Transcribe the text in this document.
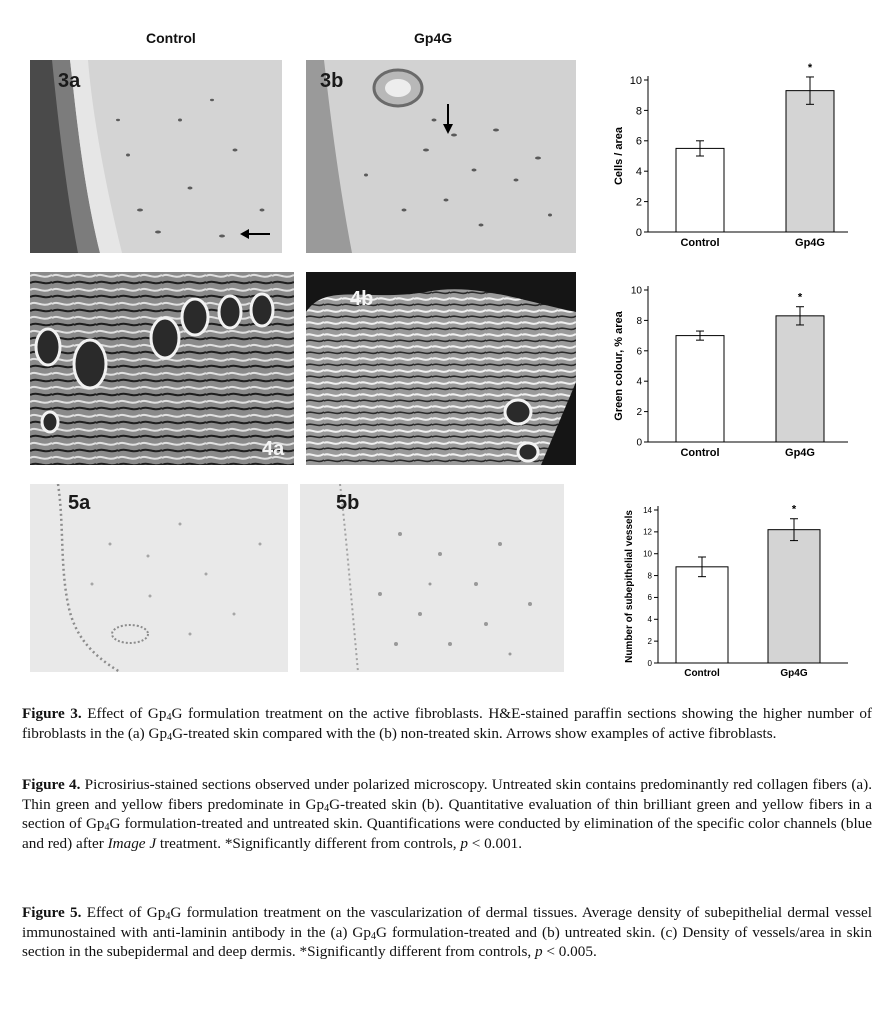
Control	Gp4G
3a	3b
4a
4b
5a	5b
0
2
4
6
8
10
Control	Gp4G
*
Cells / area
0
2
4
6
8
10
Control	Gp4G
*
Green colour, % area
0
2
4
6
8
10
12
14
Control	Gp4G
*
Number of subepithelial vessels
Figure 3. Effect of $Gp_4G$ formulation treatment on the active fibroblasts. H&E-stained paraffin sections showing the higher number of fibroblasts in the (a) $Gp_4G$-treated skin compared with the (b) non-treated skin. Arrows show examples of active fibroblasts.
Figure 4. Picrosirius-stained sections observed under polarized microscopy. Untreated skin contains predominantly red collagen fibers (a). Thin green and yellow fibers predominate in $Gp_4G$-treated skin (b). Quantitative evaluation of thin brilliant green and yellow fibers in a section of $Gp_4G$ formulation-treated and untreated skin. Quantifications were conducted by elimination of the specific color channels (blue and red) after Image J treatment. *Significantly different from controls, p < 0.001.
Figure 5. Effect of $Gp_4G$ formulation treatment on the vascularization of dermal tissues. Average density of subepithelial dermal vessel immunostained with anti-laminin antibody in the (a) $Gp_4G$ formulation-treated and (b) untreated skin. (c) Density of vessels/area in skin section in the subepidermal and deep dermis. *Significantly different from controls, p < 0.005.
